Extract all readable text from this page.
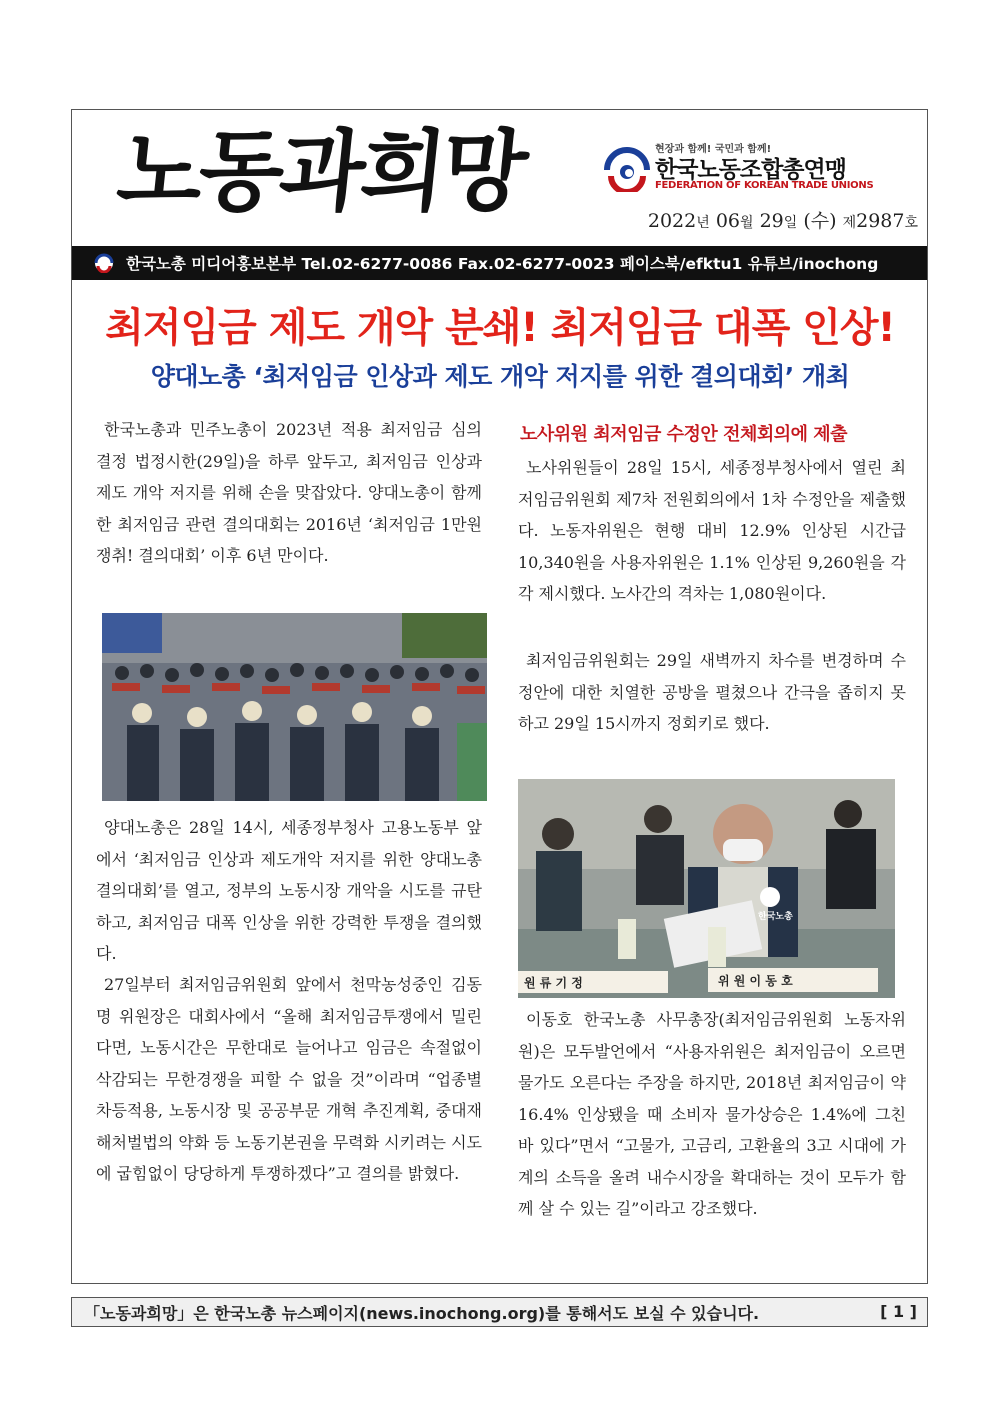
노동과희망	현장과 함께! 국민과 함께!
한국노동조합총연맹
FEDERATION OF KOREAN TRADE UNIONS
2022년 06월 29일 (수) 제2987호
한국노총 미디어홍보본부 Tel.02-6277-0086 Fax.02-6277-0023 페이스북/efktu1 유튜브/inochong
최저임금 제도 개악 분쇄! 최저임금 대폭 인상!
양대노총 ‘최저임금 인상과 제도 개악 저지를 위한 결의대회’ 개최

한국노총과 민주노총이 2023년 적용 최저임금 심의 결정 법정시한(29일)을 하루 앞두고, 최저임금 인상과 제도 개악 저지를 위해 손을 맞잡았다. 양대노총이 함께한 최저임금 관련 결의대회는 2016년 ‘최저임금 1만원 쟁취! 결의대회’ 이후 6년 만이다.

양대노총은 28일 14시, 세종정부청사 고용노동부 앞에서 ‘최저임금 인상과 제도개악 저지를 위한 양대노총 결의대회’를 열고, 정부의 노동시장 개악을 시도를 규탄하고, 최저임금 대폭 인상을 위한 강력한 투쟁을 결의했다.

27일부터 최저임금위원회 앞에서 천막농성중인 김동명 위원장은 대회사에서 “올해 최저임금투쟁에서 밀린다면, 노동시간은 무한대로 늘어나고 임금은 속절없이 삭감되는 무한경쟁을 피할 수 없을 것”이라며 “업종별 차등적용, 노동시장 및 공공부문 개혁 추진계획, 중대재해처벌법의 약화 등 노동기본권을 무력화 시키려는 시도에 굽힘없이 당당하게 투쟁하겠다”고 결의를 밝혔다.

노사위원 최저임금 수정안 전체회의에 제출

노사위원들이 28일 15시, 세종정부청사에서 열린 최저임금위원회 제7차 전원회의에서 1차 수정안을 제출했다. 노동자위원은 현행 대비 12.9% 인상된 시간급 10,340원을 사용자위원은 1.1% 인상된 9,260원을 각각 제시했다. 노사간의 격차는 1,080원이다.

최저임금위원회는 29일 새벽까지 차수를 변경하며 수정안에 대한 치열한 공방을 펼쳤으나 간극을 좁히지 못하고 29일 15시까지 정회키로 했다.

한국노총
원 류 기 정	위 원 이 동 호

이동호 한국노총 사무총장(최저임금위원회 노동자위원)은 모두발언에서 “사용자위원은 최저임금이 오르면 물가도 오른다는 주장을 하지만, 2018년 최저임금이 약 16.4% 인상됐을 때 소비자 물가상승은 1.4%에 그친 바 있다”면서 “고물가, 고금리, 고환율의 3고 시대에 가계의 소득을 올려 내수시장을 확대하는 것이 모두가 함께 살 수 있는 길”이라고 강조했다.

「노동과희망」은 한국노총 뉴스페이지(news.inochong.org)를 통해서도 보실 수 있습니다.	[ 1 ]
